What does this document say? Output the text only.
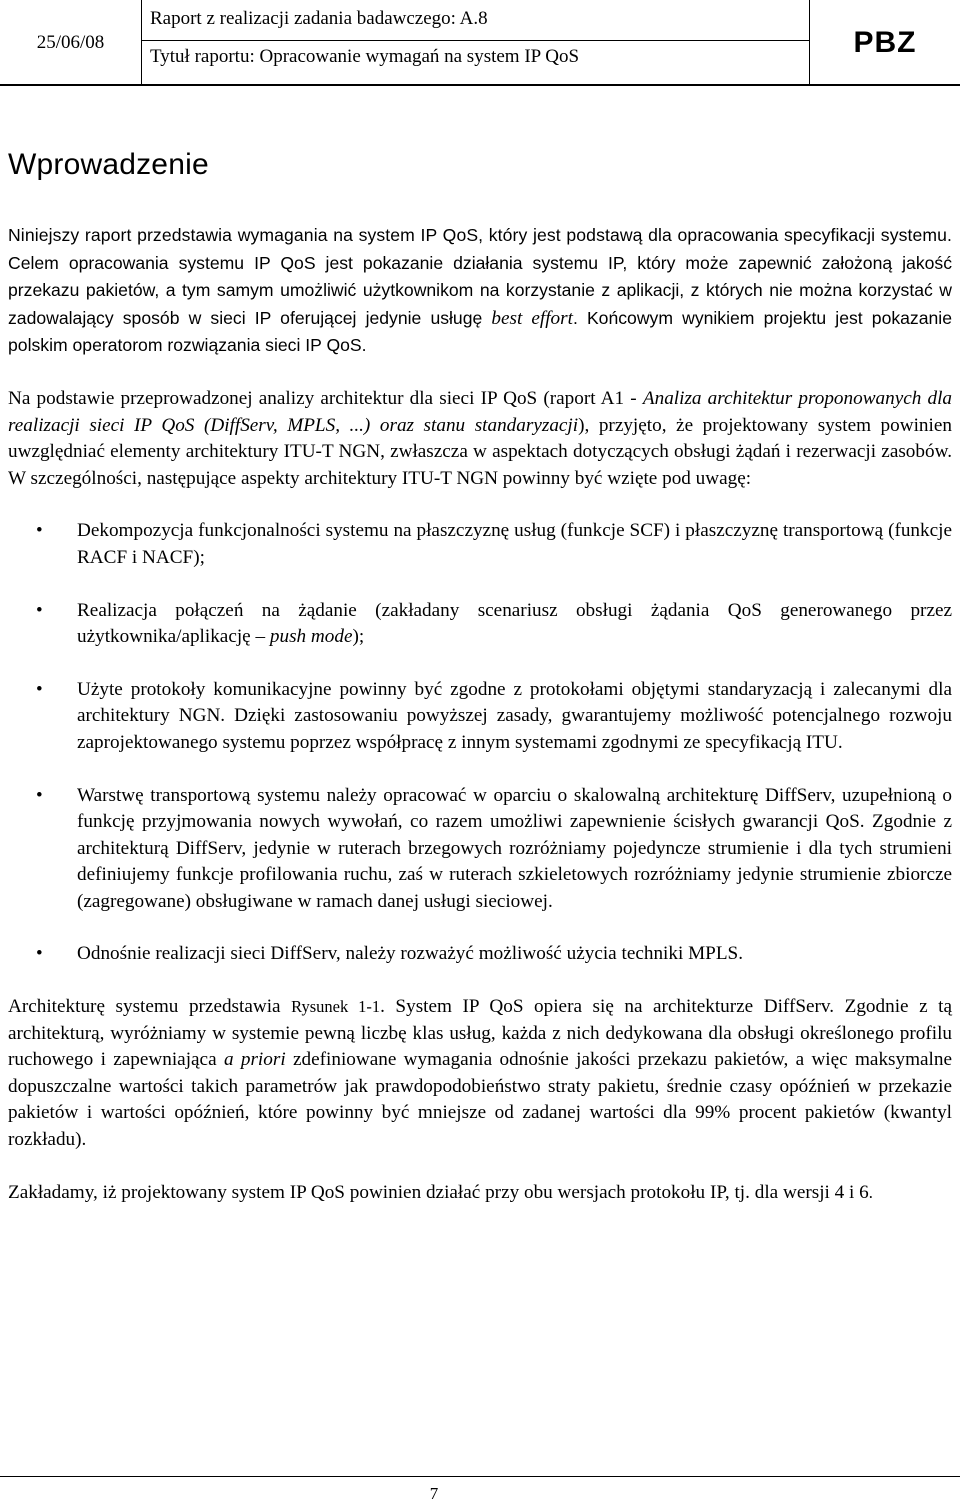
25/06/08
Raport z realizacji zadania badawczego: A.8
Tytuł raportu: Opracowanie wymagań na system IP QoS	PBZ
Wprowadzenie

Niniejszy raport przedstawia wymagania na system IP QoS, który jest podstawą dla opracowania specyfikacji systemu. Celem opracowania systemu IP QoS jest pokazanie działania systemu IP, który może zapewnić założoną jakość przekazu pakietów, a tym samym umożliwić użytkownikom na korzystanie z aplikacji, z których nie można korzystać w zadowalający sposób w sieci IP oferującej jedynie usługę best effort. Końcowym wynikiem projektu jest pokazanie polskim operatorom rozwiązania sieci IP QoS.

Na podstawie przeprowadzonej analizy architektur dla sieci IP QoS (raport A1 - Analiza architektur proponowanych dla realizacji sieci IP QoS (DiffServ, MPLS, ...) oraz stanu standaryzacji), przyjęto, że projektowany system powinien uwzględniać elementy architektury ITU-T NGN, zwłaszcza w aspektach dotyczących obsługi żądań i rezerwacji zasobów. W szczególności, następujące aspekty architektury ITU-T NGN powinny być wzięte pod uwagę:

• Dekompozycja funkcjonalności systemu na płaszczyznę usług (funkcje SCF) i płaszczyznę transportową (funkcje RACF i NACF);
• Realizacja połączeń na żądanie (zakładany scenariusz obsługi żądania QoS generowanego przez użytkownika/aplikację – push mode);
• Użyte protokoły komunikacyjne powinny być zgodne z protokołami objętymi standaryzacją i zalecanymi dla architektury NGN. Dzięki zastosowaniu powyższej zasady, gwarantujemy możliwość potencjalnego rozwoju zaprojektowanego systemu poprzez współpracę z innym systemami zgodnymi ze specyfikacją ITU.
• Warstwę transportową systemu należy opracować w oparciu o skalowalną architekturę DiffServ, uzupełnioną o funkcję przyjmowania nowych wywołań, co razem umożliwi zapewnienie ścisłych gwarancji QoS. Zgodnie z architekturą DiffServ, jedynie w ruterach brzegowych rozróżniamy pojedyncze strumienie i dla tych strumieni definiujemy funkcje profilowania ruchu, zaś w ruterach szkieletowych rozróżniamy jedynie strumienie zbiorcze (zagregowane) obsługiwane w ramach danej usługi sieciowej.
• Odnośnie realizacji sieci DiffServ, należy rozważyć możliwość użycia techniki MPLS.

Architekturę systemu przedstawia Rysunek 1-1. System IP QoS opiera się na architekturze DiffServ. Zgodnie z tą architekturą, wyróżniamy w systemie pewną liczbę klas usług, każda z nich dedykowana dla obsługi określonego profilu ruchowego i zapewniająca a priori zdefiniowane wymagania odnośnie jakości przekazu pakietów, a więc maksymalne dopuszczalne wartości takich parametrów jak prawdopodobieństwo straty pakietu, średnie czasy opóźnień w przekazie pakietów i wartości opóźnień, które powinny być mniejsze od zadanej wartości dla 99% procent pakietów (kwantyl rozkładu).

Zakładamy, iż projektowany system IP QoS powinien działać przy obu wersjach protokołu IP, tj. dla wersji 4 i 6.

7
